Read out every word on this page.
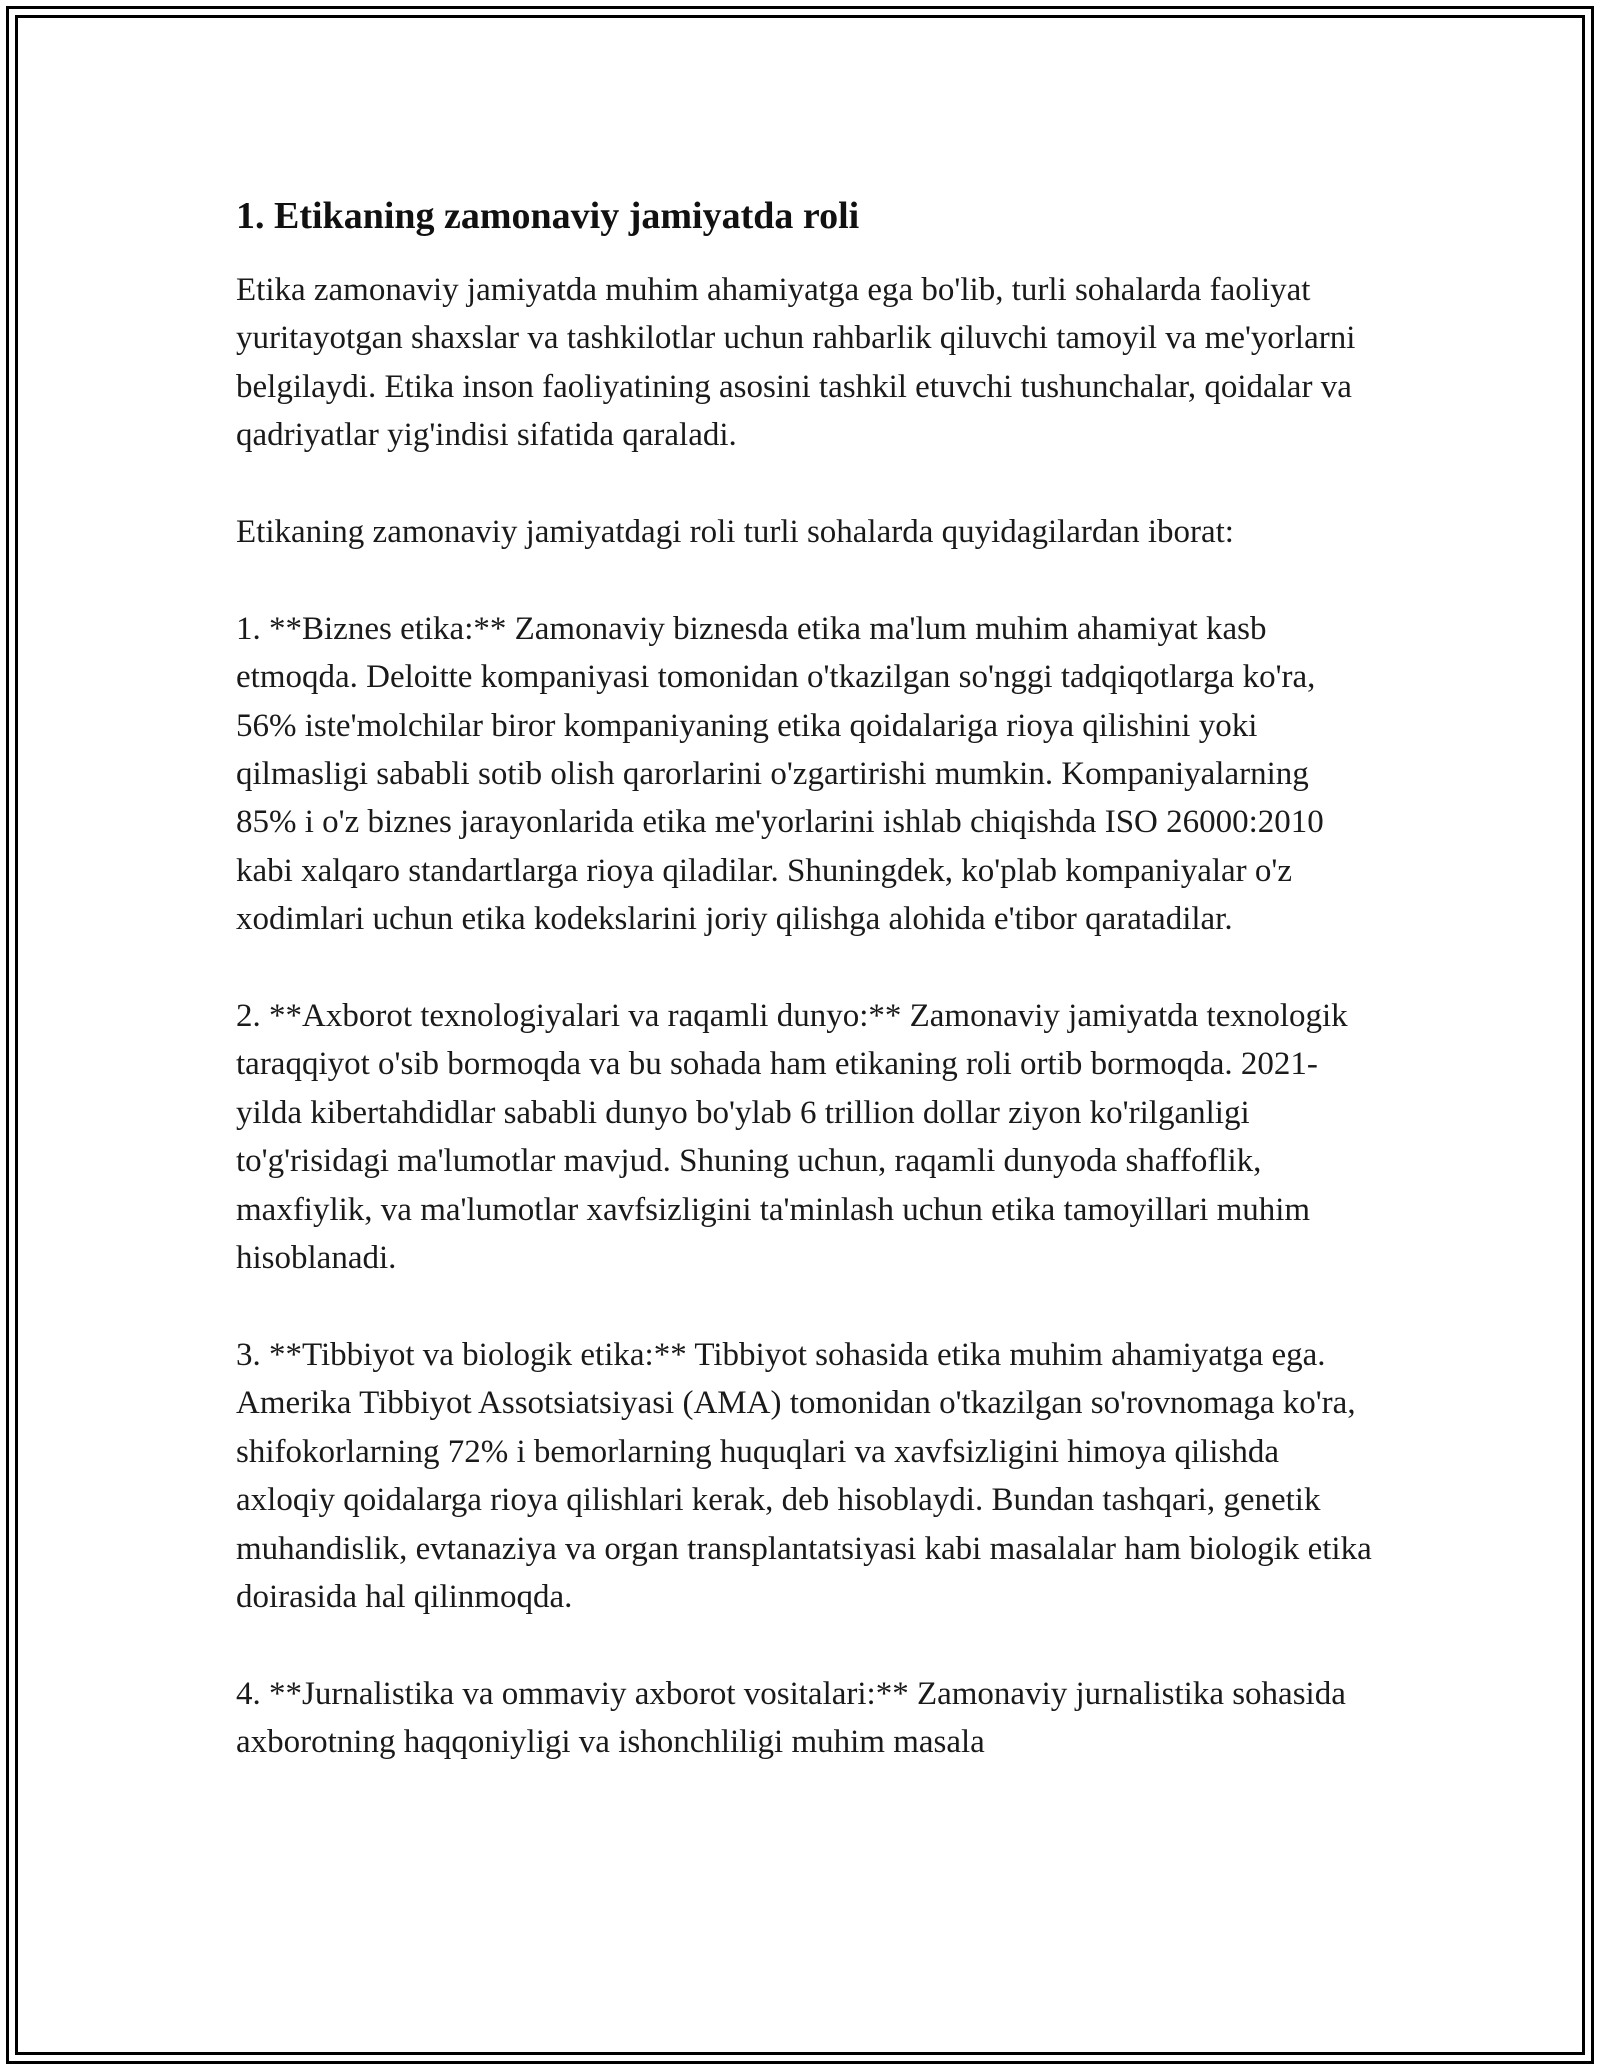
1. Etikaning zamonaviy jamiyatda roli

Etika zamonaviy jamiyatda muhim ahamiyatga ega bo'lib, turli sohalarda faoliyat yuritayotgan shaxslar va tashkilotlar uchun rahbarlik qiluvchi tamoyil va me'yorlarni belgilaydi. Etika inson faoliyatining asosini tashkil etuvchi tushunchalar, qoidalar va qadriyatlar yig'indisi sifatida qaraladi.

Etikaning zamonaviy jamiyatdagi roli turli sohalarda quyidagilardan iborat:

1. **Biznes etika:** Zamonaviy biznesda etika ma'lum muhim ahamiyat kasb etmoqda. Deloitte kompaniyasi tomonidan o'tkazilgan so'nggi tadqiqotlarga ko'ra, 56% iste'molchilar biror kompaniyaning etika qoidalariga rioya qilishini yoki qilmasligi sababli sotib olish qarorlarini o'zgartirishi mumkin. Kompaniyalarning 85% i o'z biznes jarayonlarida etika me'yorlarini ishlab chiqishda ISO 26000:2010 kabi xalqaro standartlarga rioya qiladilar. Shuningdek, ko'plab kompaniyalar o'z xodimlari uchun etika kodekslarini joriy qilishga alohida e'tibor qaratadilar.

2. **Axborot texnologiyalari va raqamli dunyo:** Zamonaviy jamiyatda texnologik taraqqiyot o'sib bormoqda va bu sohada ham etikaning roli ortib bormoqda. 2021-yilda kibertahdidlar sababli dunyo bo'ylab 6 trillion dollar ziyon ko'rilganligi to'g'risidagi ma'lumotlar mavjud. Shuning uchun, raqamli dunyoda shaffoflik, maxfiylik, va ma'lumotlar xavfsizligini ta'minlash uchun etika tamoyillari muhim hisoblanadi.

3. **Tibbiyot va biologik etika:** Tibbiyot sohasida etika muhim ahamiyatga ega. Amerika Tibbiyot Assotsiatsiyasi (AMA) tomonidan o'tkazilgan so'rovnomaga ko'ra, shifokorlarning 72% i bemorlarning huquqlari va xavfsizligini himoya qilishda axloqiy qoidalarga rioya qilishlari kerak, deb hisoblaydi. Bundan tashqari, genetik muhandislik, evtanaziya va organ transplantatsiyasi kabi masalalar ham biologik etika doirasida hal qilinmoqda.

4. **Jurnalistika va ommaviy axborot vositalari:** Zamonaviy jurnalistika sohasida axborotning haqqoniyligi va ishonchliligi muhim masala
